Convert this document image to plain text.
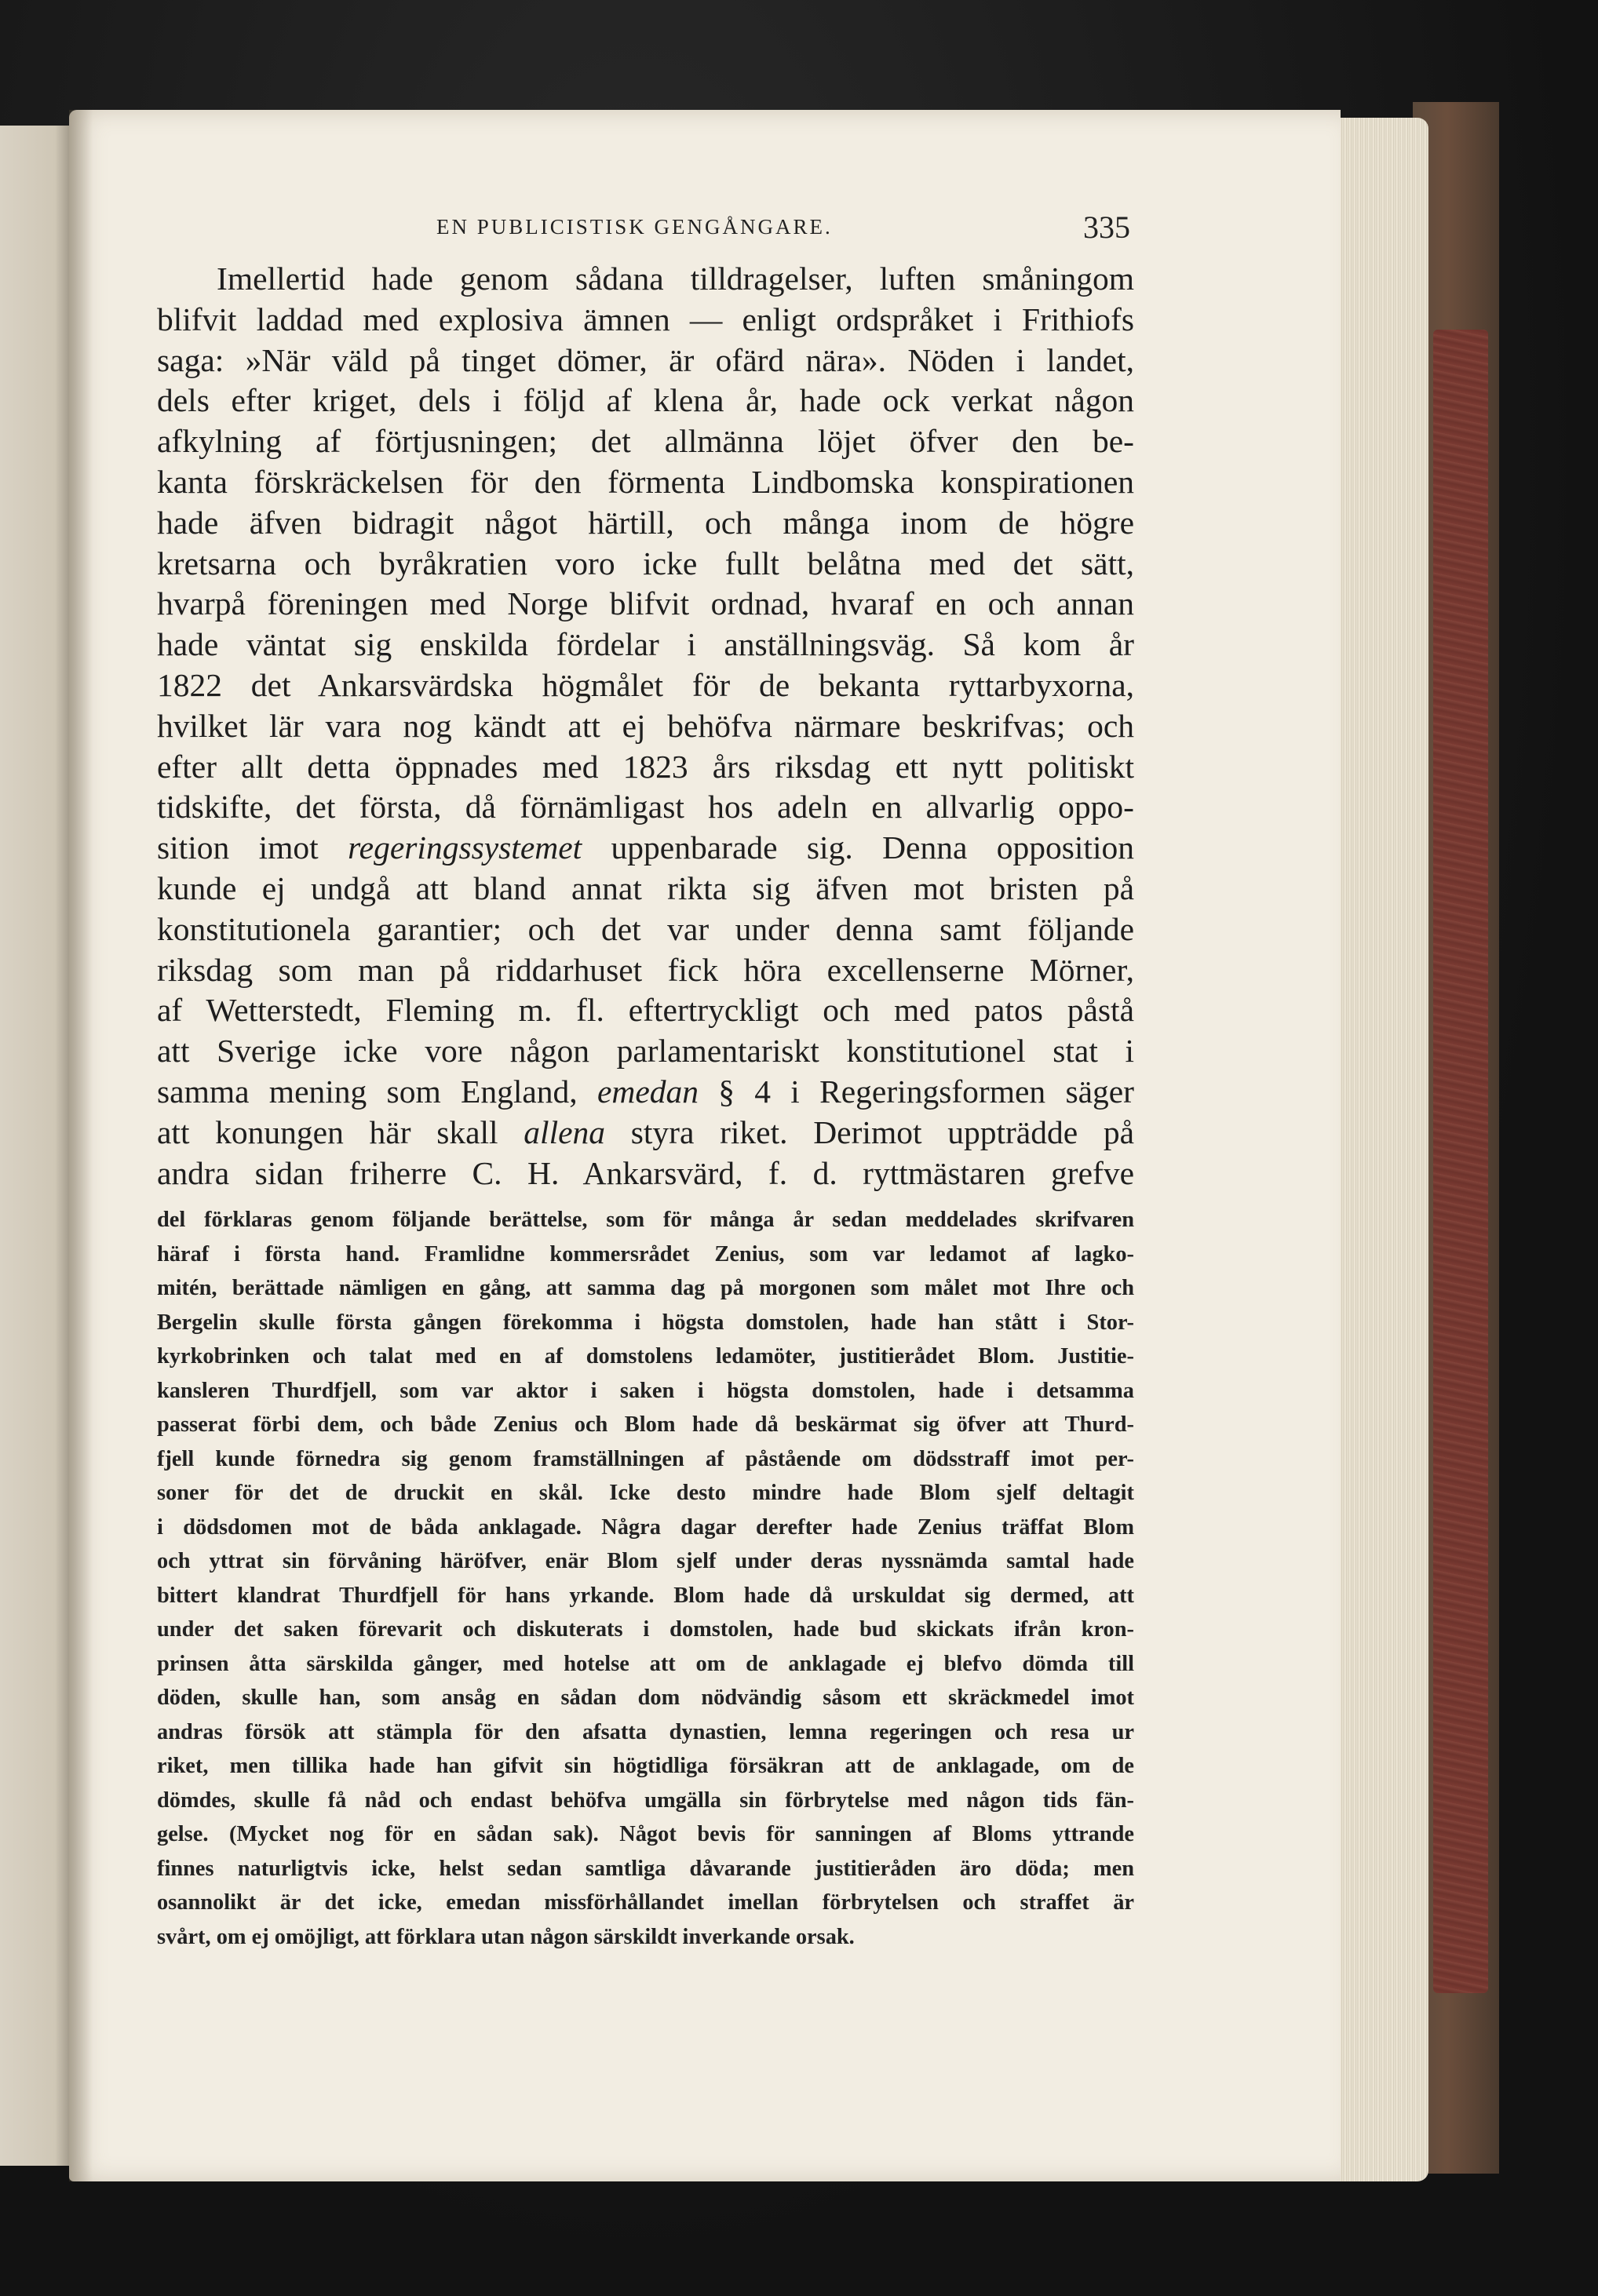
EN PUBLICISTISK GENGÅNGARE.	335
Imellertid hade genom sådana tilldragelser, luften småningom
blifvit laddad med explosiva ämnen — enligt ordspråket i Frithiofs
saga: »När väld på tinget dömer, är ofärd nära». Nöden i landet,
dels efter kriget, dels i följd af klena år, hade ock verkat någon
afkylning af förtjusningen; det allmänna löjet öfver den be-
kanta förskräckelsen för den förmenta Lindbomska konspirationen
hade äfven bidragit något härtill, och många inom de högre
kretsarna och byråkratien voro icke fullt belåtna med det sätt,
hvarpå föreningen med Norge blifvit ordnad, hvaraf en och annan
hade väntat sig enskilda fördelar i anställningsväg. Så kom år
1822 det Ankarsvärdska högmålet för de bekanta ryttarbyxorna,
hvilket lär vara nog kändt att ej behöfva närmare beskrifvas; och
efter allt detta öppnades med 1823 års riksdag ett nytt politiskt
tidskifte, det första, då förnämligast hos adeln en allvarlig oppo-
sition imot regeringssystemet uppenbarade sig. Denna opposition
kunde ej undgå att bland annat rikta sig äfven mot bristen på
konstitutionela garantier; och det var under denna samt följande
riksdag som man på riddarhuset fick höra excellenserne Mörner,
af Wetterstedt, Fleming m. fl. eftertryckligt och med patos påstå
att Sverige icke vore någon parlamentariskt konstitutionel stat i
samma mening som England, emedan § 4 i Regeringsformen säger
att konungen här skall allena styra riket. Derimot uppträdde på
andra sidan friherre C. H. Ankarsvärd, f. d. ryttmästaren grefve
del förklaras genom följande berättelse, som för många år sedan meddelades skrifvaren
häraf i första hand. Framlidne kommersrådet Zenius, som var ledamot af lagko-
mitén, berättade nämligen en gång, att samma dag på morgonen som målet mot Ihre och
Bergelin skulle första gången förekomma i högsta domstolen, hade han stått i Stor-
kyrkobrinken och talat med en af domstolens ledamöter, justitierådet Blom. Justitie-
kansleren Thurdfjell, som var aktor i saken i högsta domstolen, hade i detsamma
passerat förbi dem, och både Zenius och Blom hade då beskärmat sig öfver att Thurd-
fjell kunde förnedra sig genom framställningen af påstående om dödsstraff imot per-
soner för det de druckit en skål. Icke desto mindre hade Blom sjelf deltagit
i dödsdomen mot de båda anklagade. Några dagar derefter hade Zenius träffat Blom
och yttrat sin förvåning häröfver, enär Blom sjelf under deras nyssnämda samtal hade
bittert klandrat Thurdfjell för hans yrkande. Blom hade då urskuldat sig dermed, att
under det saken förevarit och diskuterats i domstolen, hade bud skickats ifrån kron-
prinsen åtta särskilda gånger, med hotelse att om de anklagade ej blefvo dömda till
döden, skulle han, som ansåg en sådan dom nödvändig såsom ett skräckmedel imot
andras försök att stämpla för den afsatta dynastien, lemna regeringen och resa ur
riket, men tillika hade han gifvit sin högtidliga försäkran att de anklagade, om de
dömdes, skulle få nåd och endast behöfva umgälla sin förbrytelse med någon tids fän-
gelse. (Mycket nog för en sådan sak). Något bevis för sanningen af Bloms yttrande
finnes naturligtvis icke, helst sedan samtliga dåvarande justitieråden äro döda; men
osannolikt är det icke, emedan missförhållandet imellan förbrytelsen och straffet är
svårt, om ej omöjligt, att förklara utan någon särskildt inverkande orsak.
